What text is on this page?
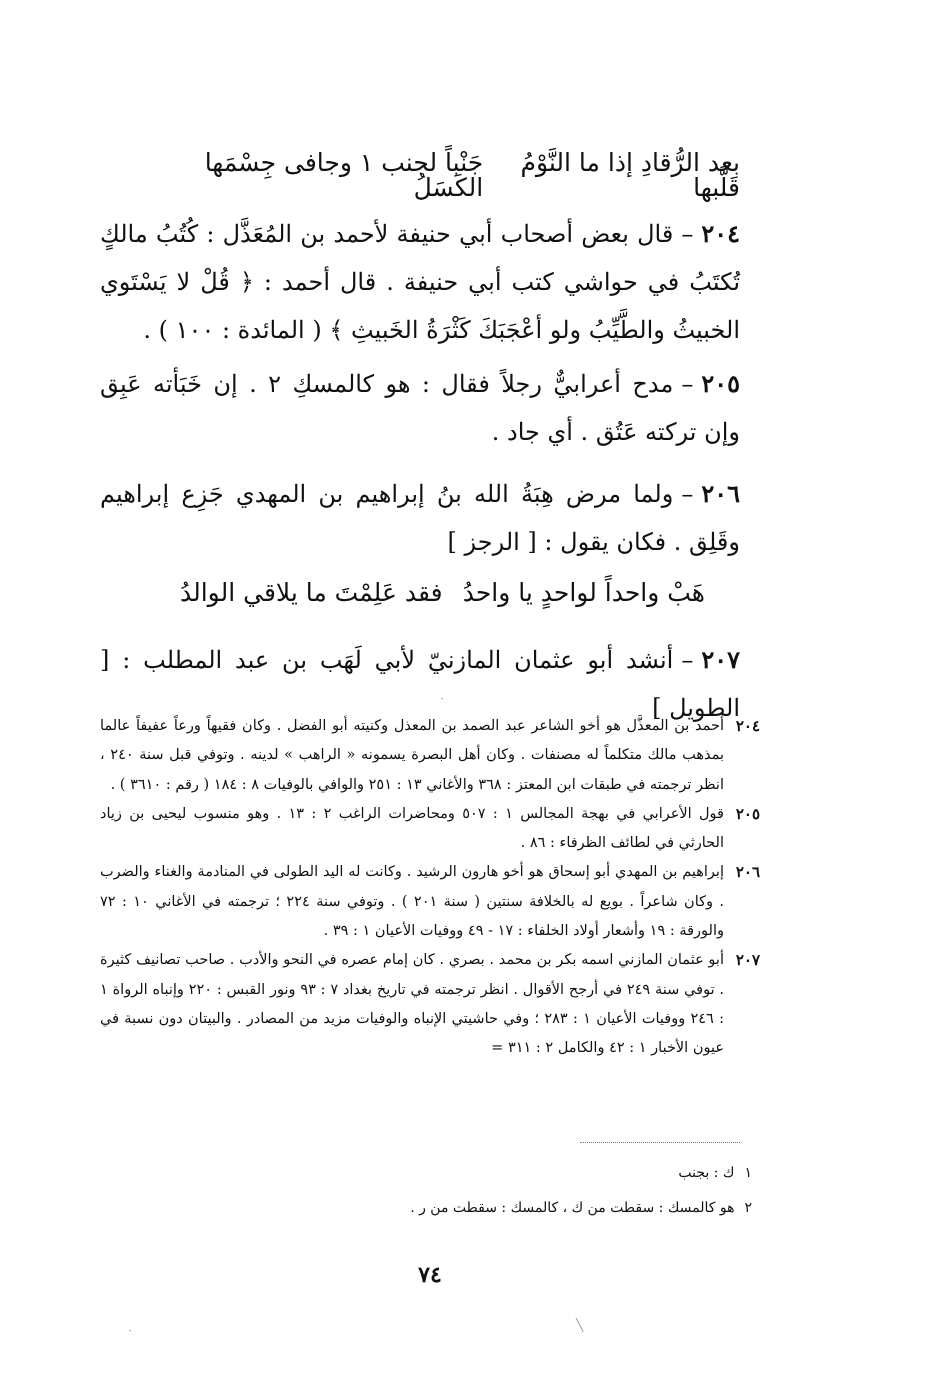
بعد الرُّقادِ إذا ما النَّوْمُ قَلَّبها
جَنْباً لجنب ١ وجافى جِسْمَها الكَسَلُ
٢٠٤–قال بعض أصحاب أبي حنيفة لأحمد بن المُعَذَّل : كُتُبُ مالكٍ تُكتَبُ في حواشي كتب أبي حنيفة . قال أحمد : ﴿ قُلْ لا يَسْتَوي الخبيثُ والطَّيِّبُ ولو أعْجَبَكَ كَثْرَةُ الخَبيثِ ﴾ ( المائدة : ١٠٠ ) .
٢٠٥–مدح أعرابيٌّ رجلاً فقال : هو كالمسكِ ٢ . إن خَبَأته عَبِق وإن تركته عَتُق . أي جاد .
٢٠٦–ولما مرض هِبَةُ الله بنُ إبراهيم بن المهدي جَزِع إبراهيم وقَلِق . فكان يقول : [ الرجز ]
هَبْ واحداً لواحدٍ يا واحدُ
فقد عَلِمْتَ ما يلاقي الوالدُ
٢٠٧–أنشد أبو عثمان المازنيّ لأبي لَهَب بن عبد المطلب : [ الطويل ]
٢٠٤
أحمد بن المعذَّل هو أخو الشاعر عبد الصمد بن المعذل وكنيته أبو الفضل . وكان فقيهاً ورعاً عفيفاً عالما بمذهب مالك متكلماً له مصنفات . وكان أهل البصرة يسمونه « الراهب » لدينه . وتوفي قبل سنة ٢٤٠ ، انظر ترجمته في طبقات ابن المعتز : ٣٦٨ والأغاني ١٣ : ٢٥١ والوافي بالوفيات ٨ : ١٨٤ ( رقم : ٣٦١٠ ) .
٢٠٥
قول الأعرابي في بهجة المجالس ١ : ٥٠٧ ومحاضرات الراغب ٢ : ١٣ . وهو منسوب ليحيى بن زياد الحارثي في لطائف الظرفاء : ٨٦ .
٢٠٦
إبراهيم بن المهدي أبو إسحاق هو أخو هارون الرشيد . وكانت له اليد الطولى في المنادمة والغناء والضرب . وكان شاعراً . بويع له بالخلافة سنتين ( سنة ٢٠١ ) . وتوفي سنة ٢٢٤ ؛ ترجمته في الأغاني ١٠ : ٧٢ والورقة : ١٩ وأشعار أولاد الخلفاء : ١٧ - ٤٩ ووفيات الأعيان ١ : ٣٩ .
٢٠٧
أبو عثمان المازني اسمه بكر بن محمد . بصري . كان إمام عصره في النحو والأدب . صاحب تصانيف كثيرة . توفي سنة ٢٤٩ في أرجح الأقوال . انظر ترجمته في تاريخ بغداد ٧ : ٩٣ ونور القبس : ٢٢٠ وإنباه الرواة ١ : ٢٤٦ ووفيات الأعيان ١ : ٢٨٣ ؛ وفي حاشيتي الإنباه والوفيات مزيد من المصادر . والبيتان دون نسبة في عيون الأخبار ١ : ٤٢ والكامل ٢ : ٣١١ =
١
ك : بجنب
٢
هو كالمسك : سقطت من ك ، كالمسك : سقطت من ر .
٧٤
·
╲
·
